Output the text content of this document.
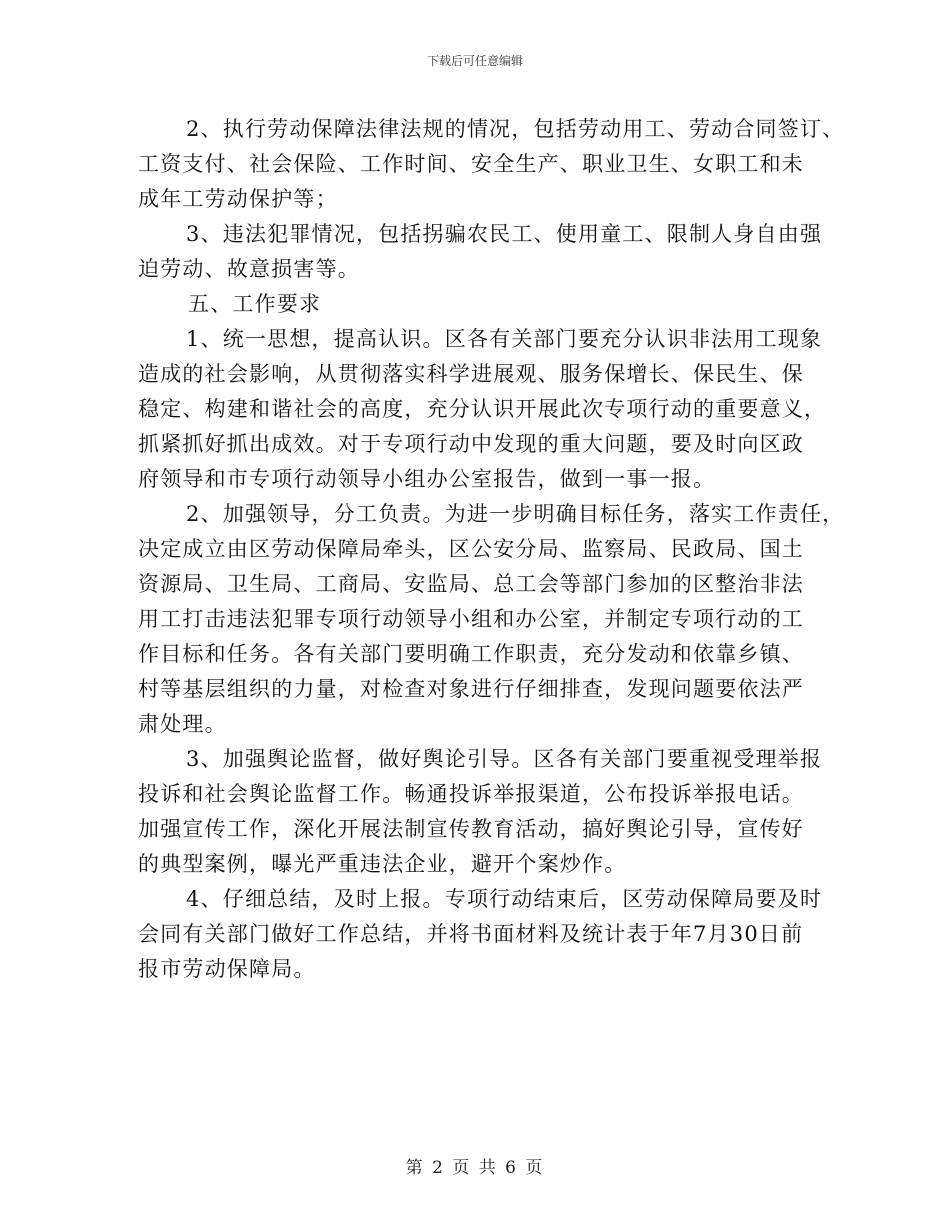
下载后可任意编辑
2、执行劳动保障法律法规的情况，包括劳动用工、劳动合同签订、
工资支付、社会保险、工作时间、安全生产、职业卫生、女职工和未
成年工劳动保护等；
3、违法犯罪情况，包括拐骗农民工、使用童工、限制人身自由强
迫劳动、故意损害等。
五、工作要求
1、统一思想，提高认识。区各有关部门要充分认识非法用工现象
造成的社会影响，从贯彻落实科学进展观、服务保增长、保民生、保
稳定、构建和谐社会的高度，充分认识开展此次专项行动的重要意义，
抓紧抓好抓出成效。对于专项行动中发现的重大问题，要及时向区政
府领导和市专项行动领导小组办公室报告，做到一事一报。
2、加强领导，分工负责。为进一步明确目标任务，落实工作责任，
决定成立由区劳动保障局牵头，区公安分局、监察局、民政局、国土
资源局、卫生局、工商局、安监局、总工会等部门参加的区整治非法
用工打击违法犯罪专项行动领导小组和办公室，并制定专项行动的工
作目标和任务。各有关部门要明确工作职责，充分发动和依靠乡镇、
村等基层组织的力量，对检查对象进行仔细排查，发现问题要依法严
肃处理。
3、加强舆论监督，做好舆论引导。区各有关部门要重视受理举报
投诉和社会舆论监督工作。畅通投诉举报渠道，公布投诉举报电话。
加强宣传工作，深化开展法制宣传教育活动，搞好舆论引导，宣传好
的典型案例，曝光严重违法企业，避开个案炒作。
4、仔细总结，及时上报。专项行动结束后，区劳动保障局要及时
会同有关部门做好工作总结，并将书面材料及统计表于年7月30日前
报市劳动保障局。
第 2 页 共 6 页
